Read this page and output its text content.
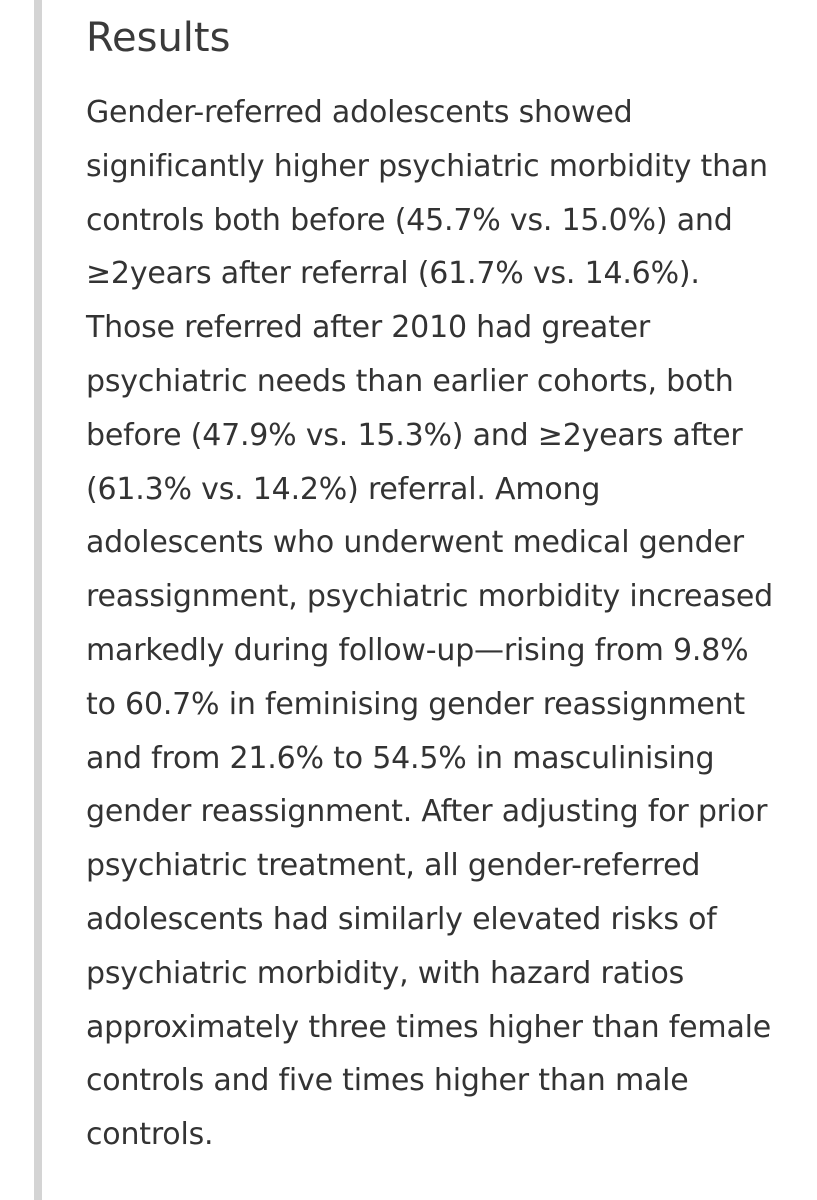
Results

Gender-referred adolescents showed significantly higher psychiatric morbidity than controls both before (45.7% vs. 15.0%) and ≥2years after referral (61.7% vs. 14.6%). Those referred after 2010 had greater psychiatric needs than earlier cohorts, both before (47.9% vs. 15.3%) and ≥2years after (61.3% vs. 14.2%) referral. Among adolescents who underwent medical gender reassignment, psychiatric morbidity increased markedly during follow-up—rising from 9.8% to 60.7% in feminising gender reassignment and from 21.6% to 54.5% in masculinising gender reassignment. After adjusting for prior psychiatric treatment, all gender-referred adolescents had similarly elevated risks of psychiatric morbidity, with hazard ratios approximately three times higher than female controls and five times higher than male controls.
